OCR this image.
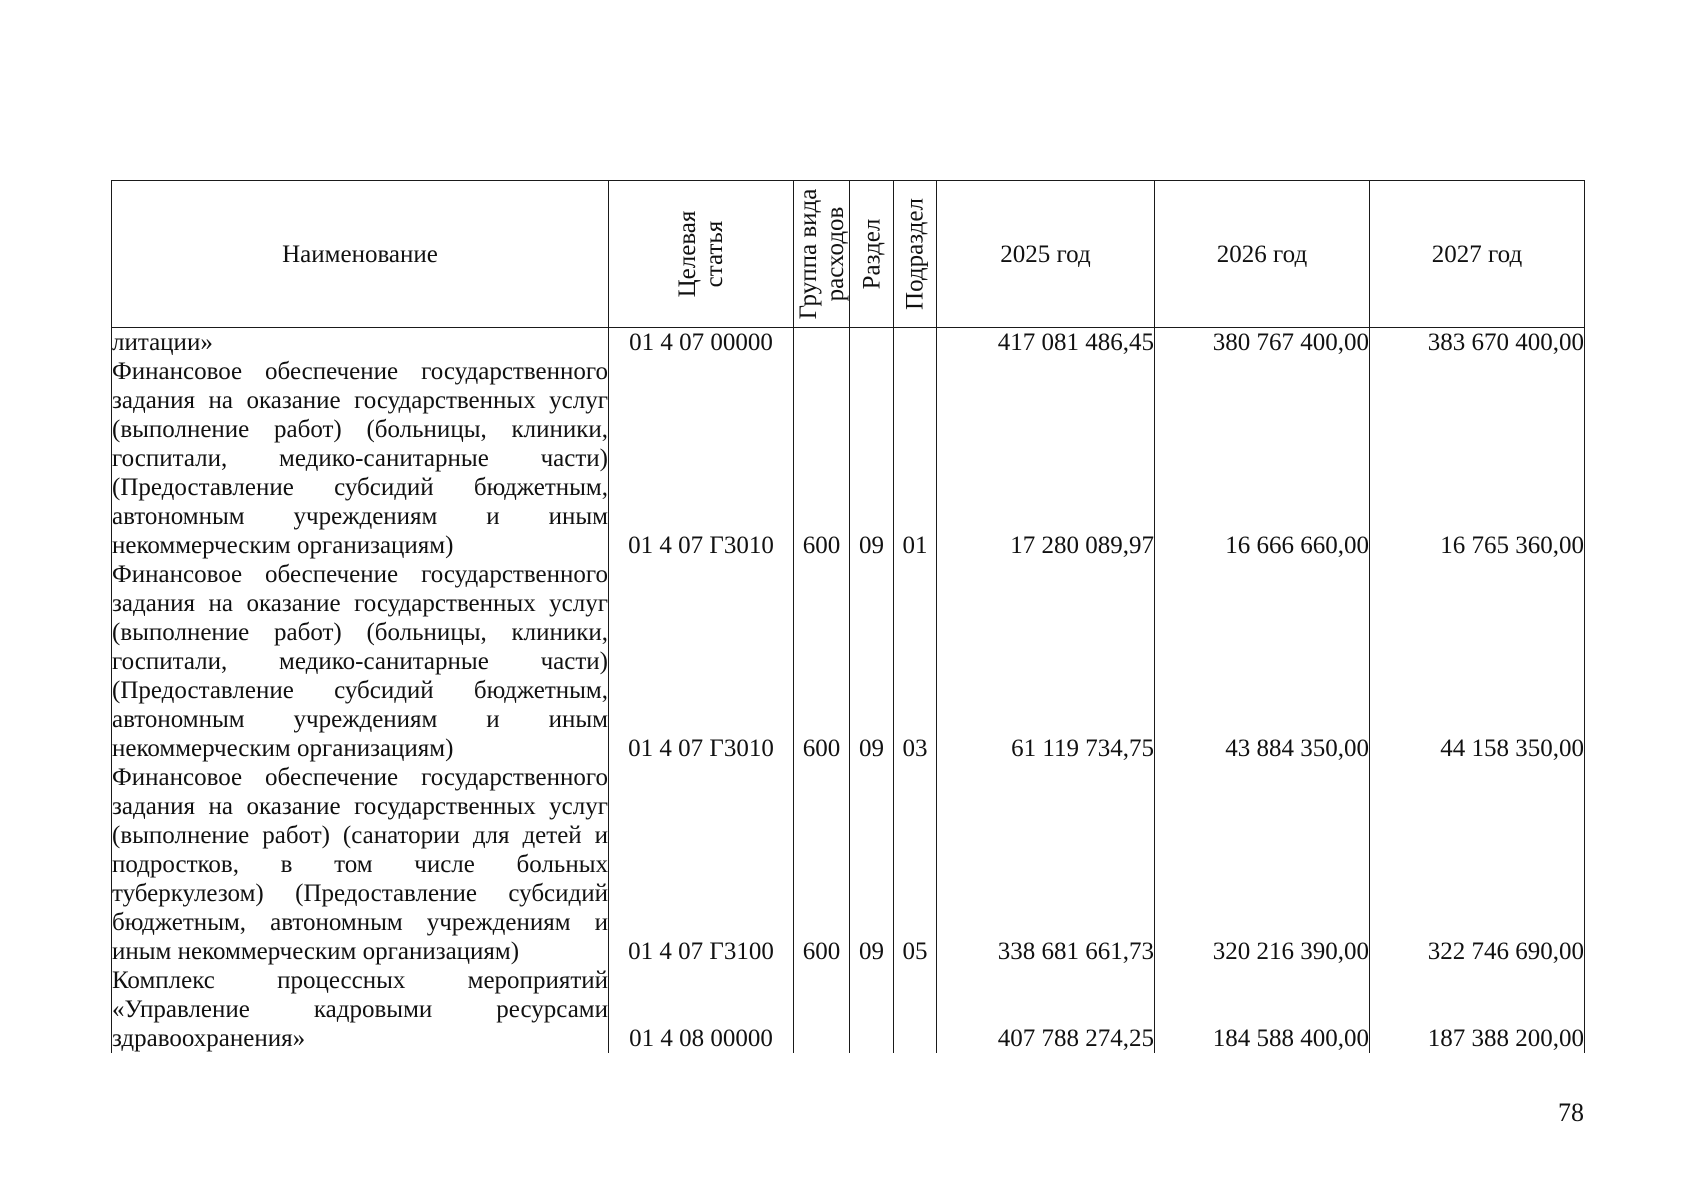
Наименование	Целевая статья	Группа вида расходов	Раздел	Подраздел	2025 год	2026 год	2027 год
литации»	01 4 07 00000				417 081 486,45	380 767 400,00	383 670 400,00
Финансовое обеспечение государственного задания на оказание государственных услуг (выполнение работ) (больницы, клиники, госпитали, медико-санитарные части) (Предоставление субсидий бюджетным, автономным учреждениям и иным некоммерческим организациям)	01 4 07 Г3010	600	09	01	17 280 089,97	16 666 660,00	16 765 360,00
Финансовое обеспечение государственного задания на оказание государственных услуг (выполнение работ) (больницы, клиники, госпитали, медико-санитарные части) (Предоставление субсидий бюджетным, автономным учреждениям и иным некоммерческим организациям)	01 4 07 Г3010	600	09	03	61 119 734,75	43 884 350,00	44 158 350,00
Финансовое обеспечение государственного задания на оказание государственных услуг (выполнение работ) (санатории для детей и подростков, в том числе больных туберкулезом) (Предоставление субсидий бюджетным, автономным учреждениям и иным некоммерческим организациям)	01 4 07 Г3100	600	09	05	338 681 661,73	320 216 390,00	322 746 690,00
Комплекс процессных мероприятий «Управление кадровыми ресурсами здравоохранения»	01 4 08 00000				407 788 274,25	184 588 400,00	187 388 200,00
78
